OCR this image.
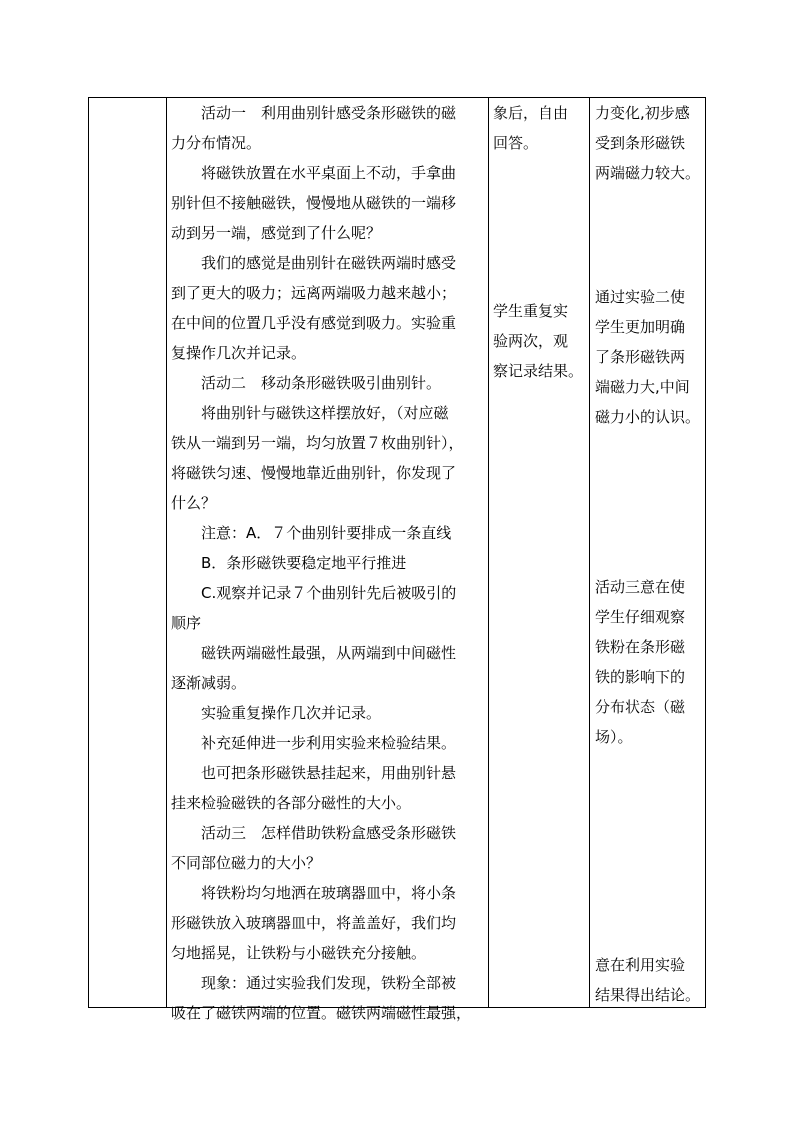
活动一　利用曲别针感受条形磁铁的磁

力分布情况。

将磁铁放置在水平桌面上不动，手拿曲

别针但不接触磁铁，慢慢地从磁铁的一端移

动到另一端，感觉到了什么呢？

我们的感觉是曲别针在磁铁两端时感受

到了更大的吸力；远离两端吸力越来越小；

在中间的位置几乎没有感觉到吸力。实验重

复操作几次并记录。

活动二　移动条形磁铁吸引曲别针。

将曲别针与磁铁这样摆放好，（对应磁

铁从一端到另一端，均匀放置７枚曲别针），

将磁铁匀速、慢慢地靠近曲别针，你发现了

什么？

注意：A．７个曲别针要排成一条直线

B．条形磁铁要稳定地平行推进

C.观察并记录７个曲别针先后被吸引的

顺序

磁铁两端磁性最强，从两端到中间磁性

逐渐减弱。

实验重复操作几次并记录。

补充延伸进一步利用实验来检验结果。

也可把条形磁铁悬挂起来，用曲别针悬

挂来检验磁铁的各部分磁性的大小。

活动三　怎样借助铁粉盒感受条形磁铁

不同部位磁力的大小？

将铁粉均匀地洒在玻璃器皿中，将小条

形磁铁放入玻璃器皿中，将盖盖好，我们均

匀地摇晃，让铁粉与小磁铁充分接触。

现象：通过实验我们发现，铁粉全部被

吸在了磁铁两端的位置。磁铁两端磁性最强，

象后，自由

回答。

学生重复实

验两次，观

察记录结果。

力变化,初步感

受到条形磁铁

两端磁力较大。

通过实验二使

学生更加明确

了条形磁铁两

端磁力大,中间

磁力小的认识。

活动三意在使

学生仔细观察

铁粉在条形磁

铁的影响下的

分布状态（磁

场）。

意在利用实验

结果得出结论。
